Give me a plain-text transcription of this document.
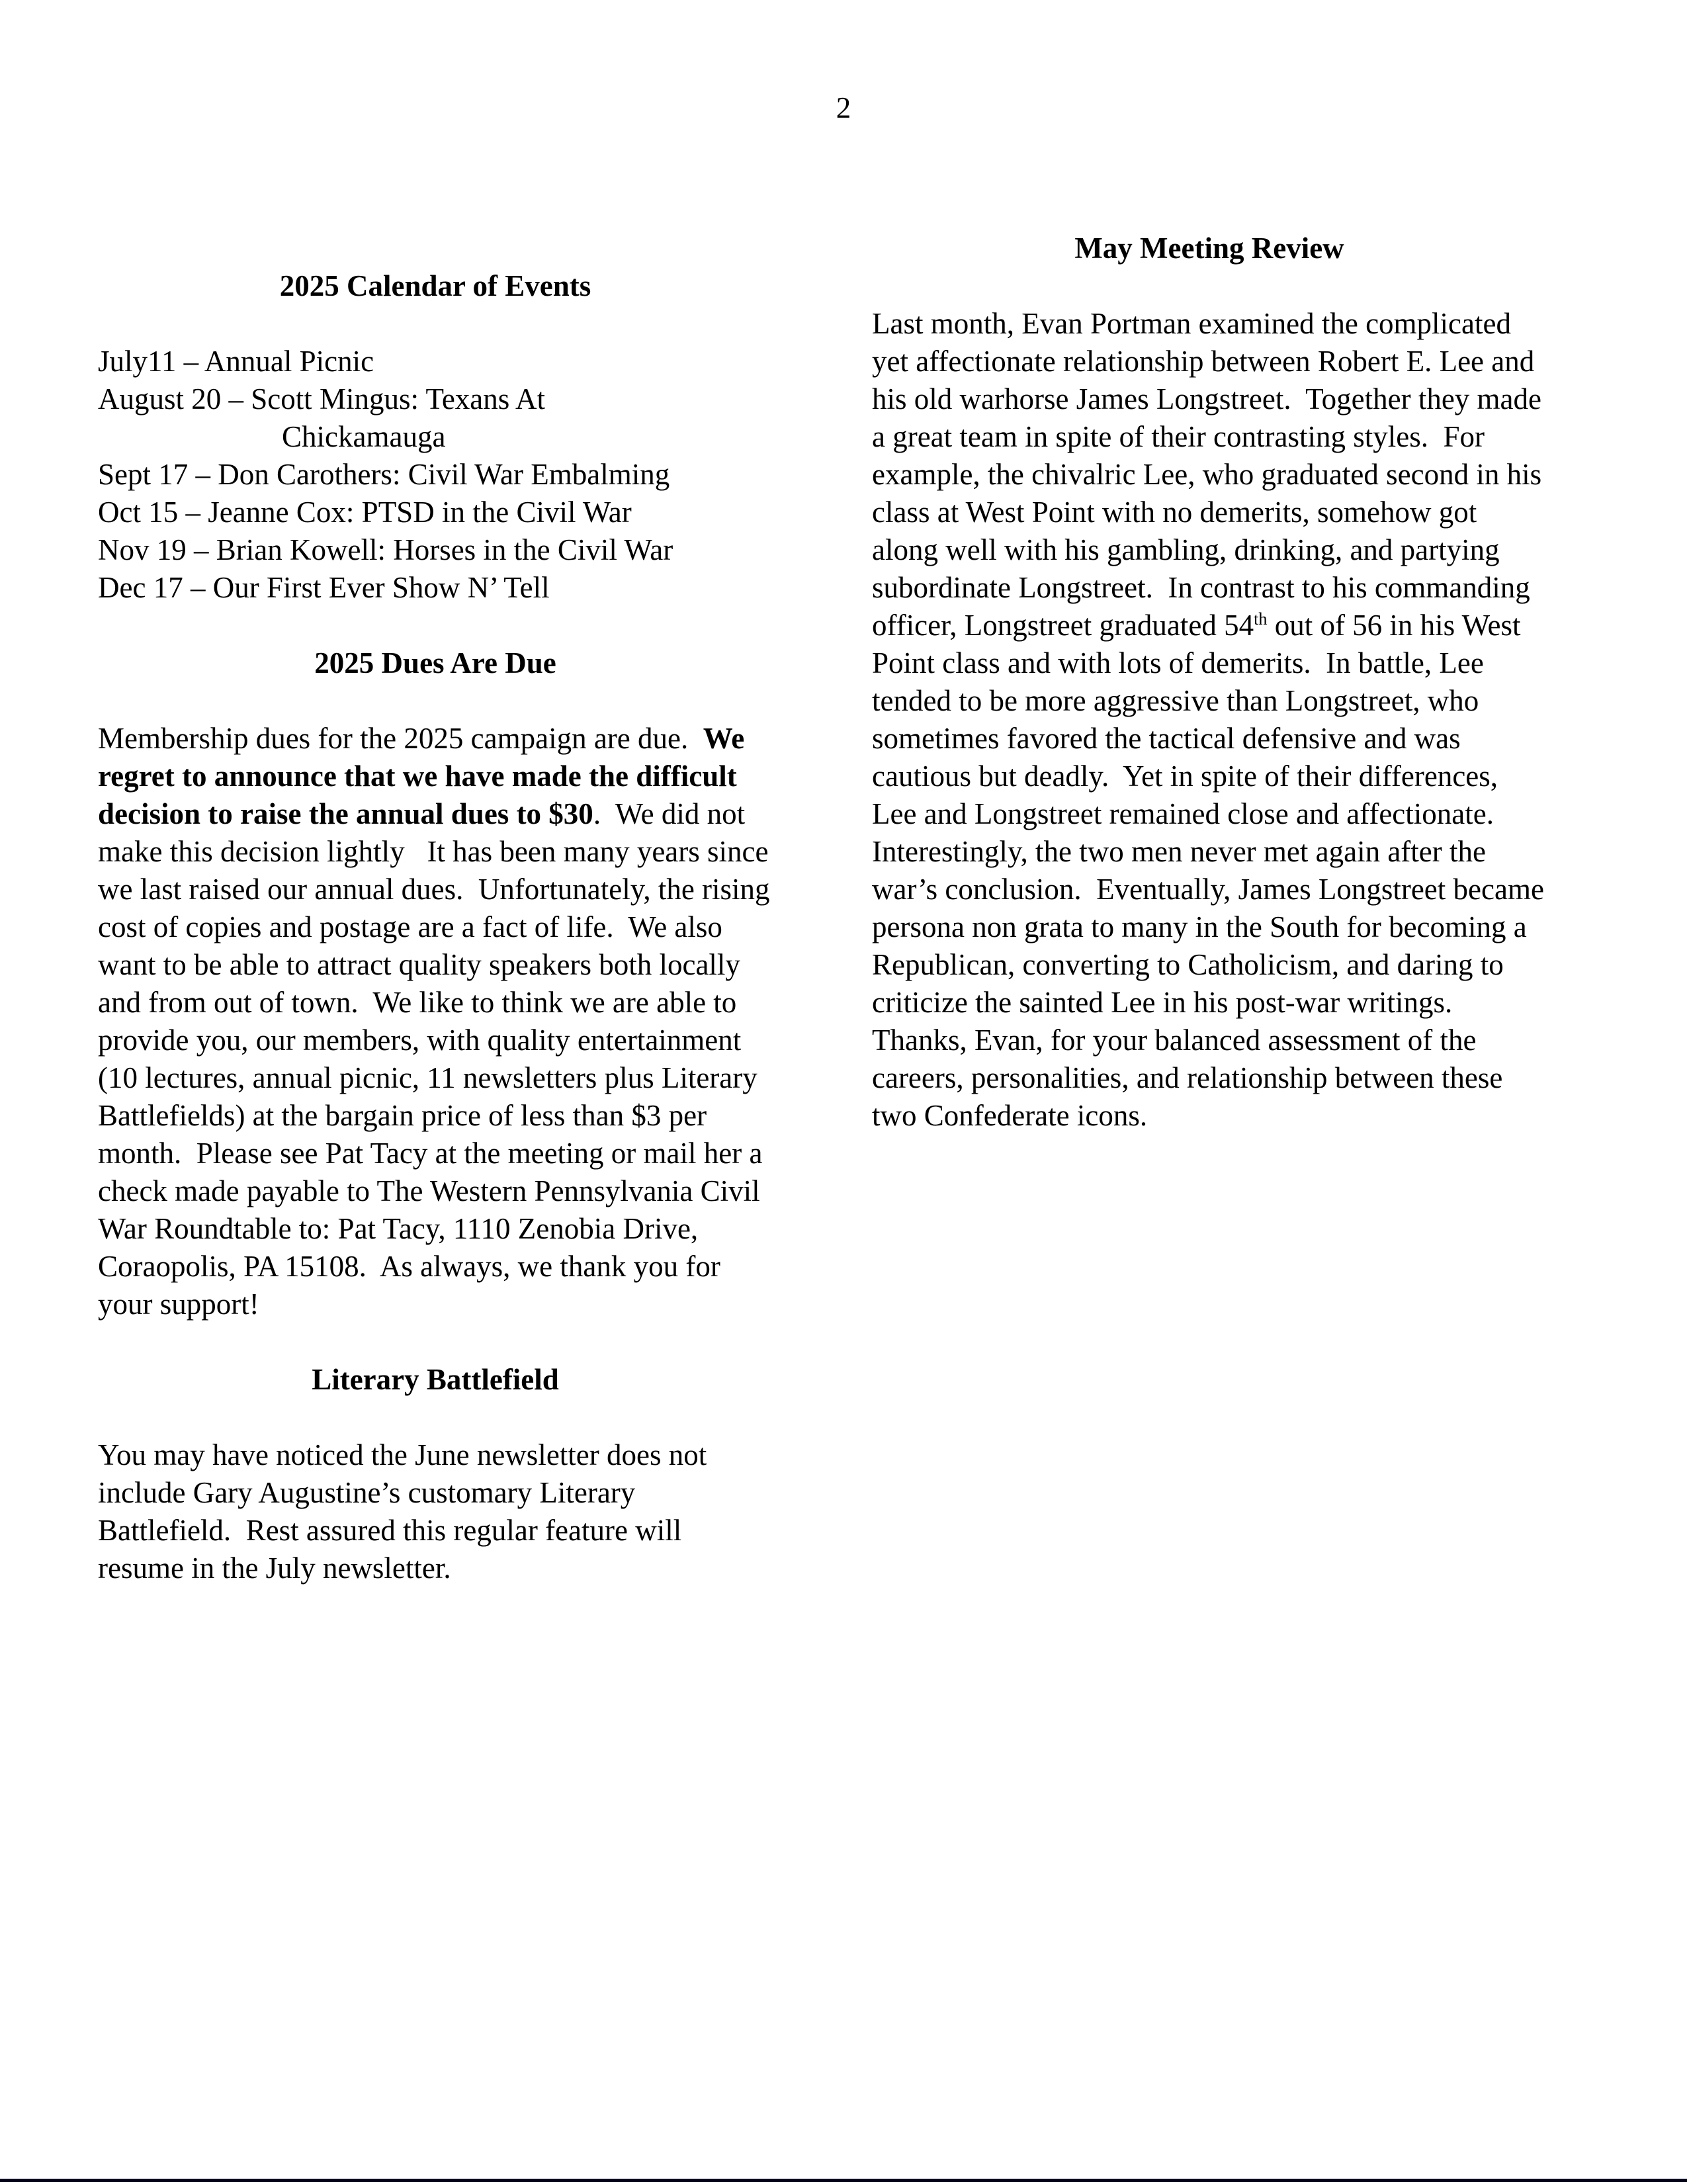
2
2025 Calendar of Events
July11 – Annual Picnic
August 20 – Scott Mingus: Texans At
Chickamauga
Sept 17 – Don Carothers: Civil War Embalming
Oct 15 – Jeanne Cox: PTSD in the Civil War
Nov 19 – Brian Kowell: Horses in the Civil War
Dec 17 – Our First Ever Show N’ Tell
2025 Dues Are Due

Membership dues for the 2025 campaign are due.  We regret to announce that we have made the difficult decision to raise the annual dues to $30.  We did not make this decision lightly   It has been many years since we last raised our annual dues.  Unfortunately, the rising cost of copies and postage are a fact of life.  We also want to be able to attract quality speakers both locally and from out of town.  We like to think we are able to provide you, our members, with quality entertainment (10 lectures, annual picnic, 11 newsletters plus Literary Battlefields) at the bargain price of less than $3 per month.  Please see Pat Tacy at the meeting or mail her a check made payable to The Western Pennsylvania Civil War Roundtable to: Pat Tacy, 1110 Zenobia Drive, Coraopolis, PA 15108.  As always, we thank you for your support!

Literary Battlefield

You may have noticed the June newsletter does not include Gary Augustine’s customary Literary Battlefield.  Rest assured this regular feature will resume in the July newsletter.

May Meeting Review

Last month, Evan Portman examined the complicated yet affectionate relationship between Robert E. Lee and his old warhorse James Longstreet.  Together they made a great team in spite of their contrasting styles.  For example, the chivalric Lee, who graduated second in his class at West Point with no demerits, somehow got along well with his gambling, drinking, and partying subordinate Longstreet.  In contrast to his commanding officer, Longstreet graduated 54th out of 56 in his West Point class and with lots of demerits.  In battle, Lee tended to be more aggressive than Longstreet, who sometimes favored the tactical defensive and was cautious but deadly.  Yet in spite of their differences, Lee and Longstreet remained close and affectionate.  Interestingly, the two men never met again after the war’s conclusion.  Eventually, James Longstreet became persona non grata to many in the South for becoming a Republican, converting to Catholicism, and daring to criticize the sainted Lee in his post-war writings.  Thanks, Evan, for your balanced assessment of the careers, personalities, and relationship between these two Confederate icons.
